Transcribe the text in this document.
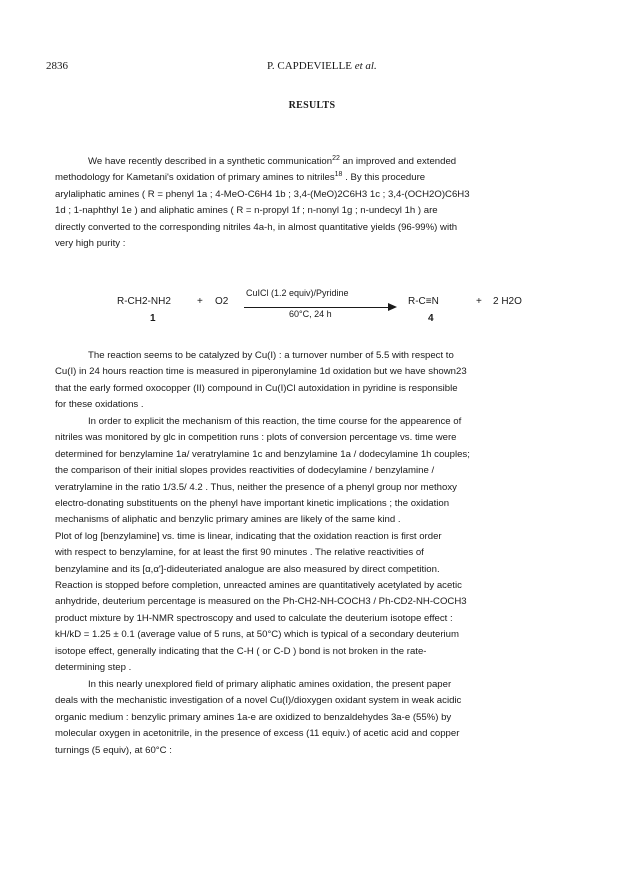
2836	P. CAPDEVIELLE et al.
RESULTS
We have recently described in a synthetic communication$^{22}$ an improved and extended
methodology for Kametani's oxidation of primary amines to nitriles$^{18}$ . By this procedure
arylaliphatic amines ( R = phenyl 1a ; 4-MeO-C6H4 1b ; 3,4-(MeO)2C6H3 1c ; 3,4-(OCH2O)C6H3
1d ; 1-naphthyl 1e ) and aliphatic amines ( R = n-propyl 1f ; n-nonyl 1g ; n-undecyl 1h ) are
directly converted to the corresponding nitriles 4a-h, in almost quantitative yields (96-99%) with
very high purity :
R-CH2-NH2
1
+ O2
CuICl (1.2 equiv)/Pyridine
60°C, 24 h
R-C≡N
4
+ 2 H2O
The reaction seems to be catalyzed by Cu(I) : a turnover number of 5.5 with respect to
Cu(I) in 24 hours reaction time is measured in piperonylamine 1d oxidation but we have shown23
that the early formed oxocopper (II) compound in Cu(I)Cl autoxidation in pyridine is responsible
for these oxidations .
In order to explicit the mechanism of this reaction, the time course for the appearence of
nitriles was monitored by glc in competition runs : plots of conversion percentage vs. time were
determined for benzylamine 1a/ veratrylamine 1c and benzylamine 1a / dodecylamine 1h couples;
the comparison of their initial slopes provides reactivities of dodecylamine / benzylamine /
veratrylamine in the ratio 1/3.5/ 4.2 . Thus, neither the presence of a phenyl group nor methoxy
electro-donating substituents on the phenyl have important kinetic implications ; the oxidation
mechanisms of aliphatic and benzylic primary amines are likely of the same kind .
Plot of log [benzylamine] vs. time is linear, indicating that the oxidation reaction is first order
with respect to benzylamine, for at least the first 90 minutes . The relative reactivities of
benzylamine and its [α,α']-dideuteriated analogue are also measured by direct competition.
Reaction is stopped before completion, unreacted amines are quantitatively acetylated by acetic
anhydride, deuterium percentage is measured on the Ph-CH2-NH-COCH3 / Ph-CD2-NH-COCH3
product mixture by 1H-NMR spectroscopy and used to calculate the deuterium isotope effect :
kH/kD = 1.25 ± 0.1 (average value of 5 runs, at 50°C) which is typical of a secondary deuterium
isotope effect, generally indicating that the C-H ( or C-D ) bond is not broken in the rate-
determining step .
In this nearly unexplored field of primary aliphatic amines oxidation, the present paper
deals with the mechanistic investigation of a novel Cu(I)/dioxygen oxidant system in weak acidic
organic medium : benzylic primary amines 1a-e are oxidized to benzaldehydes 3a-e (55%) by
molecular oxygen in acetonitrile, in the presence of excess (11 equiv.) of acetic acid and copper
turnings (5 equiv), at 60°C :
